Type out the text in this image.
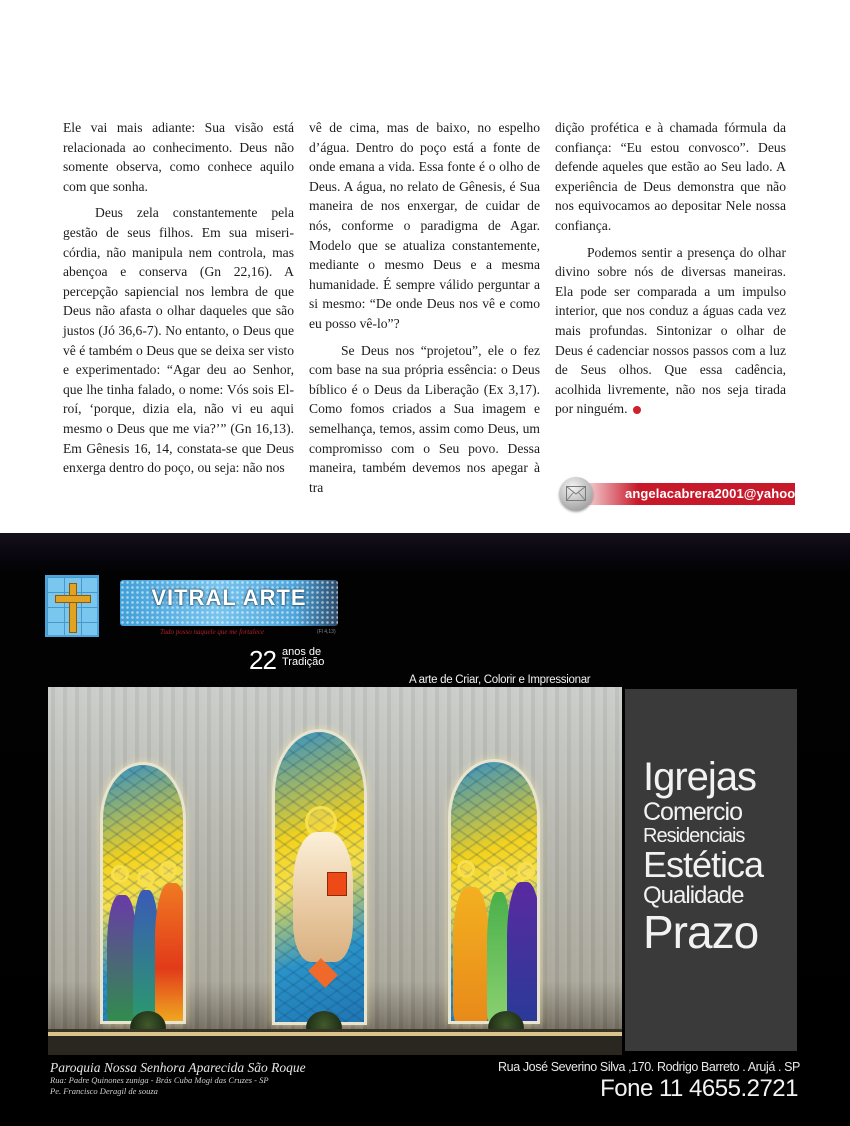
Ele vai mais adiante: Sua visão está relacionada ao conhecimento. Deus não somente observa, como conhece aquilo com que sonha.

Deus zela constantemente pela gestão de seus filhos. Em sua misericórdia, não manipula nem controla, mas abençoa e conserva (Gn 22,16). A percepção sapiencial nos lembra de que Deus não afasta o olhar daqueles que são justos (Jó 36,6-7). No entanto, o Deus que vê é também o Deus que se deixa ser visto e experimentado: “Agar deu ao Senhor, que lhe tinha falado, o nome: Vós sois El-roí, ‘porque, dizia ela, não vi eu aqui mesmo o Deus que me via?’” (Gn 16,13). Em Gênesis 16, 14, constata-se que Deus enxerga dentro do poço, ou seja: não nos

vê de cima, mas de baixo, no espelho d’água. Dentro do poço está a fonte de onde emana a vida. Essa fonte é o olho de Deus. A água, no relato de Gênesis, é Sua maneira de nos enxergar, de cuidar de nós, conforme o paradigma de Agar. Modelo que se atualiza constantemente, mediante o mesmo Deus e a mesma humanidade. É sempre válido perguntar a si mesmo: “De onde Deus nos vê e como eu posso vê-lo”?

Se Deus nos “projetou”, ele o fez com base na sua própria essência: o Deus bíblico é o Deus da Liberação (Ex 3,17). Como fomos criados a Sua imagem e semelhança, temos, assim como Deus, um compromisso com o Seu povo. Dessa maneira, também devemos nos apegar à tra

dição profética e à chamada fórmula da confiança: “Eu estou convosco”. Deus defende aqueles que estão ao Seu lado. A experiência de Deus demonstra que não nos equivocamos ao depositar Nele nossa confiança.

Podemos sentir a presença do olhar divino sobre nós de diversas maneiras. Ela pode ser comparada a um impulso interior, que nos conduz a águas cada vez mais profundas. Sintonizar o olhar de Deus é cadenciar nossos passos com a luz de Seus olhos. Que essa cadência, acolhida livremente, não nos seja tirada por ninguém.

angelacabrera2001@yahoo.es
VITRAL ARTE
Tudo posso naquele que me fortalece	(Fl 4,13)
22 anos de
Tradição
A arte de Criar, Colorir e Impressionar
Igrejas
Comercio
Residenciais
Estética
Qualidade
Prazo
Paroquia Nossa Senhora Aparecida São Roque
Rua: Padre Quinones zuniga - Brás Cuba Mogi das Cruzes - SP
Pe. Francisco Deragil de souza
Rua José Severino Silva ,170. Rodrigo Barreto . Arujá . SP
Fone 11 4655.2721
